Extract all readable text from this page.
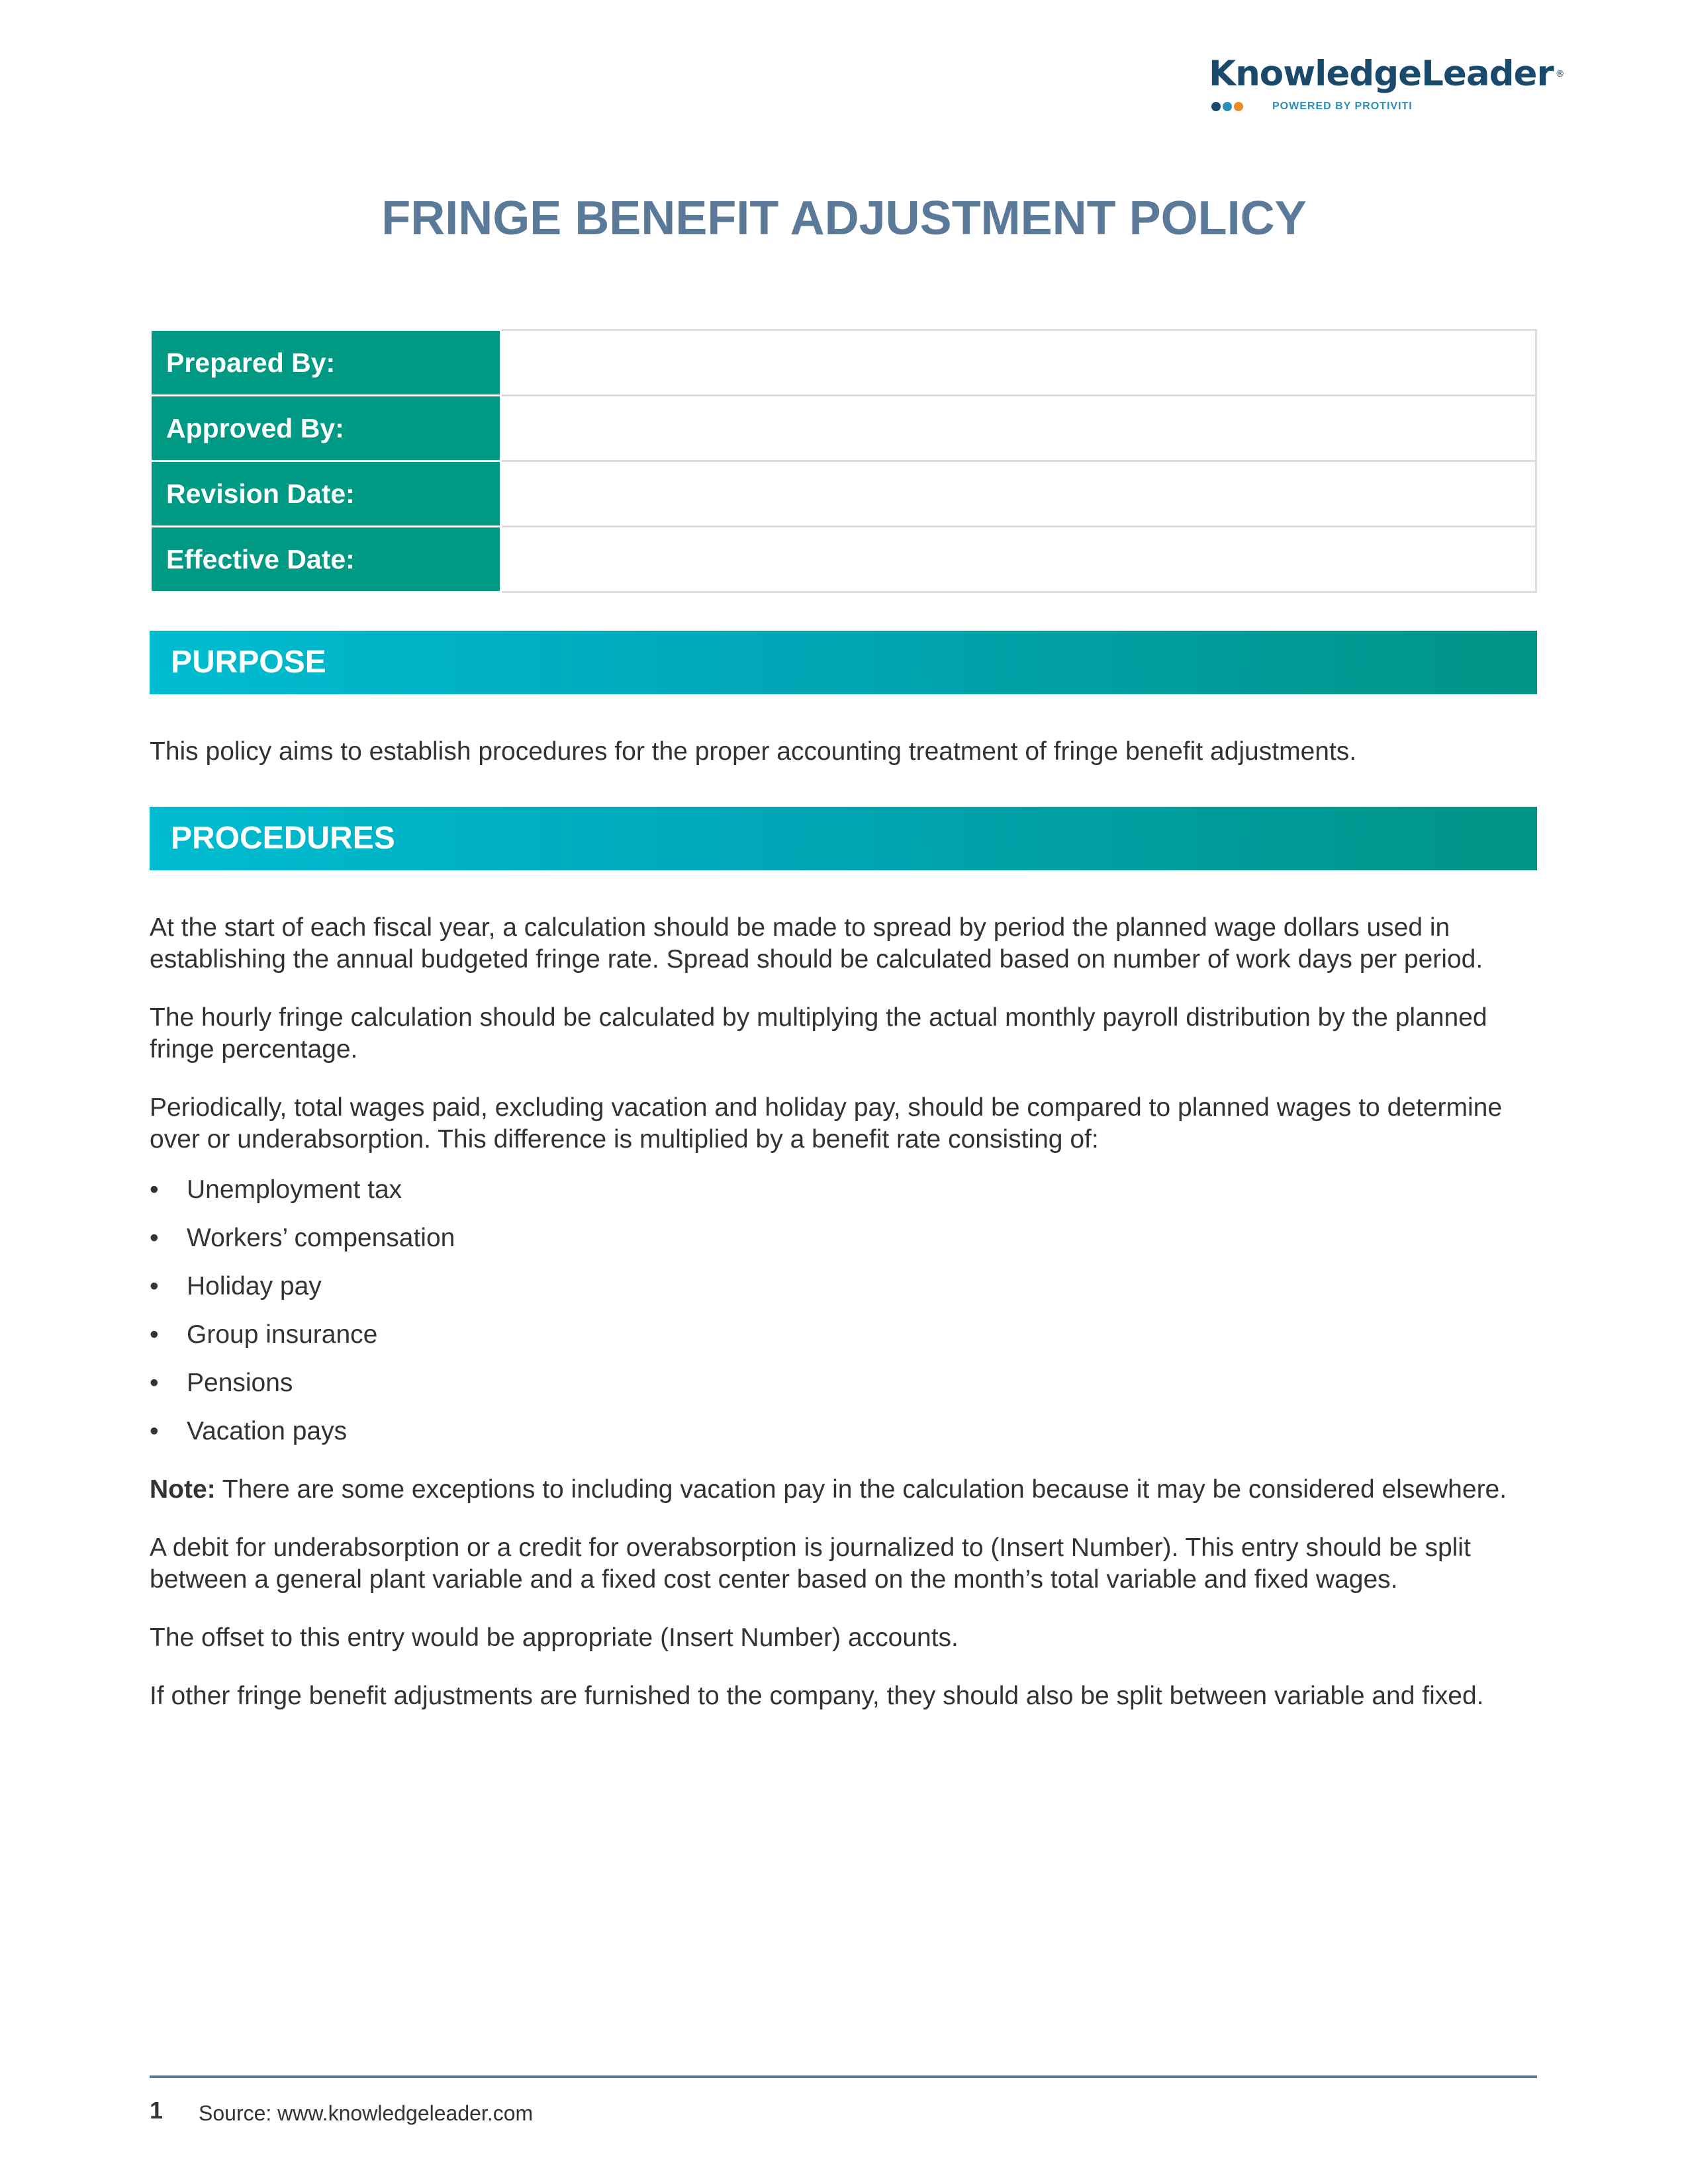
KnowledgeLeader ®
POWERED BY PROTIVITI
FRINGE BENEFIT ADJUSTMENT POLICY
Prepared By:	
Approved By:	
Revision Date:	
Effective Date:	
PURPOSE

This policy aims to establish procedures for the proper accounting treatment of fringe benefit adjustments.

PROCEDURES

At the start of each fiscal year, a calculation should be made to spread by period the planned wage dollars used in establishing the annual budgeted fringe rate. Spread should be calculated based on number of work days per period.

The hourly fringe calculation should be calculated by multiplying the actual monthly payroll distribution by the planned fringe percentage.

Periodically, total wages paid, excluding vacation and holiday pay, should be compared to planned wages to determine over or underabsorption. This difference is multiplied by a benefit rate consisting of:

• Unemployment tax
• Workers’ compensation
• Holiday pay
• Group insurance
• Pensions
• Vacation pays

Note: There are some exceptions to including vacation pay in the calculation because it may be considered elsewhere.

A debit for underabsorption or a credit for overabsorption is journalized to (Insert Number). This entry should be split between a general plant variable and a fixed cost center based on the month’s total variable and fixed wages.

The offset to this entry would be appropriate (Insert Number) accounts.

If other fringe benefit adjustments are furnished to the company, they should also be split between variable and fixed.

1 Source: www.knowledgeleader.com
